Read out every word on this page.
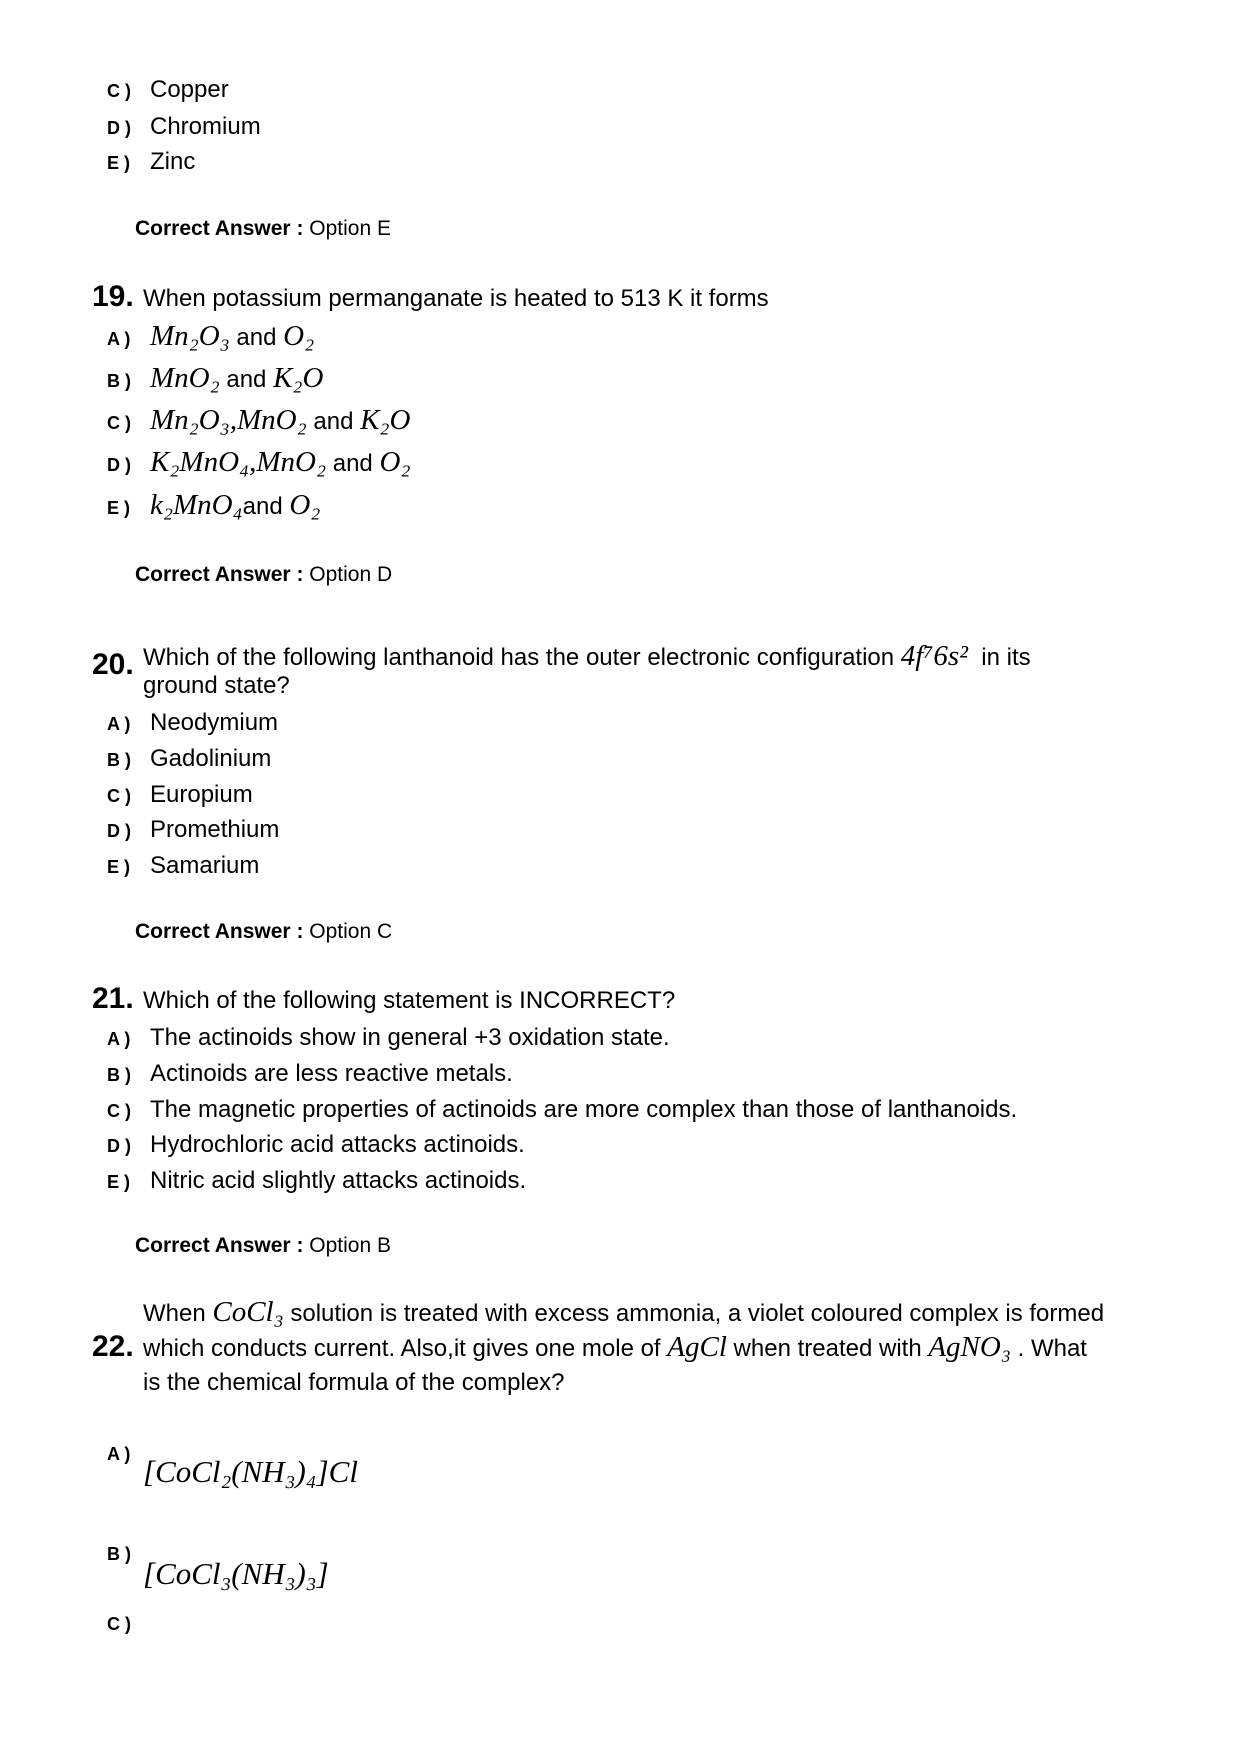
C ) Copper
D ) Chromium
E ) Zinc
Correct Answer : Option E
19. When potassium permanganate is heated to 513 K it forms
A ) Mn₂O₃ and O₂
B ) MnO₂ and K₂O
C ) Mn₂O₃,MnO₂ and K₂O
D ) K₂MnO₄,MnO₂ and O₂
E ) k₂MnO₄ and O₂
Correct Answer : Option D
20. Which of the following lanthanoid has the outer electronic configuration 4f⁷6s² in its
ground state?
A ) Neodymium
B ) Gadolinium
C ) Europium
D ) Promethium
E ) Samarium
Correct Answer : Option C
21. Which of the following statement is INCORRECT?
A ) The actinoids show in general +3 oxidation state.
B ) Actinoids are less reactive metals.
C ) The magnetic properties of actinoids are more complex than those of lanthanoids.
D ) Hydrochloric acid attacks actinoids.
E ) Nitric acid slightly attacks actinoids.
Correct Answer : Option B
When CoCl₃ solution is treated with excess ammonia, a violet coloured complex is formed
22. which conducts current. Also,it gives one mole of AgCl when treated with AgNO₃ . What
is the chemical formula of the complex?
A ) [CoCl₂(NH₃)₄]Cl
B )
[CoCl₃(NH₃)₃]
C )
